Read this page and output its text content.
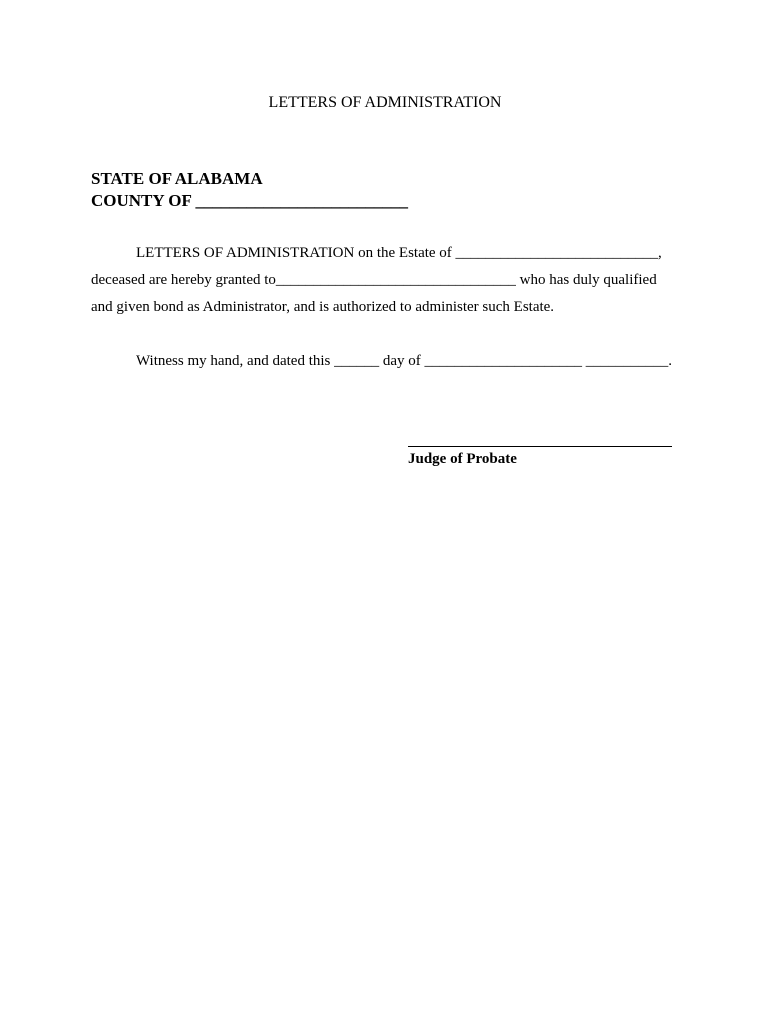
LETTERS OF ADMINISTRATION
STATE OF ALABAMA
COUNTY OF _________________________
LETTERS OF ADMINISTRATION on the Estate of ___________________________,
deceased are hereby granted to________________________________ who has duly qualified
and given bond as Administrator, and is authorized to administer such Estate.
Witness my hand, and dated this ______ day of _____________________ ___________.
Judge of Probate
